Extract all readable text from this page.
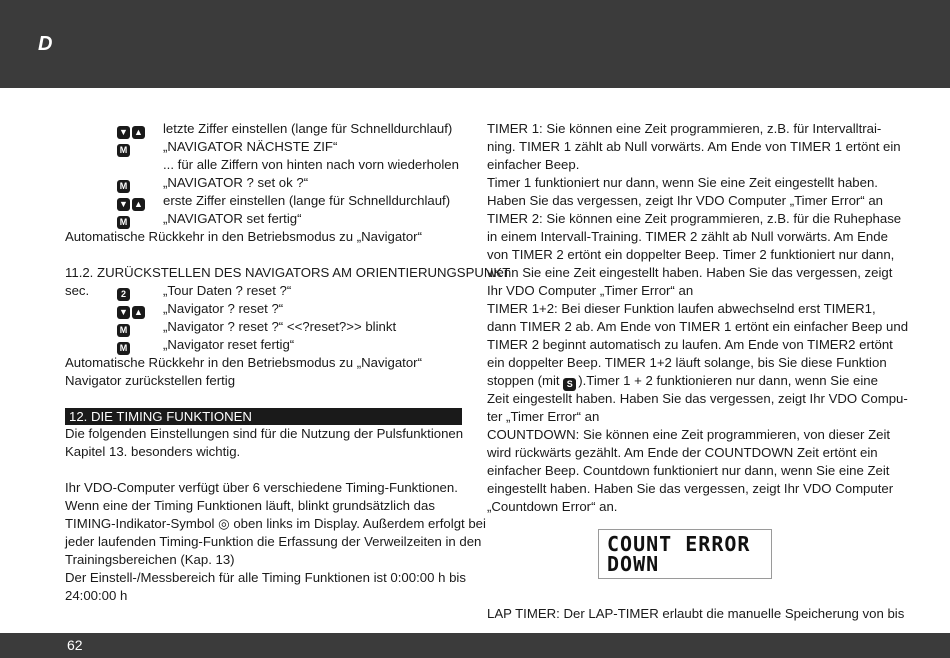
D
▼ ▲ letzte Ziffer einstellen (lange für Schnelldurchlauf)
M	„NAVIGATOR NÄCHSTE ZIF“
... für alle Ziffern von hinten nach vorn wiederholen
M	„NAVIGATOR ? set ok ?“
▼ ▲ erste Ziffer einstellen (lange für Schnelldurchlauf)
M	„NAVIGATOR set fertig“
Automatische Rückkehr in den Betriebsmodus zu „Navigator“
11.2. ZURÜCKSTELLEN DES NAVIGATORS AM ORIENTIERUNGSPUNKT
sec.	2	„Tour Daten ? reset ?“
▼ ▲ „Navigator ? reset ?“
M	„Navigator ? reset ?“ <<?reset?>> blinkt
M	„Navigator reset fertig“
Automatische Rückkehr in den Betriebsmodus zu „Navigator“
Navigator zurückstellen fertig
12. DIE TIMING FUNKTIONEN
Die folgenden Einstellungen sind für die Nutzung der Pulsfunktionen
Kapitel 13. besonders wichtig.
Ihr VDO-Computer verfügt über 6 verschiedene Timing-Funktionen.
Wenn eine der Timing Funktionen läuft, blinkt grundsätzlich das
TIMING-Indikator-Symbol ◎ oben links im Display. Außerdem erfolgt bei
jeder laufenden Timing-Funktion die Erfassung der Verweilzeiten in den
Trainingsbereichen (Kap. 13)
Der Einstell-/Messbereich für alle Timing Funktionen ist 0:00:00 h bis
24:00:00 h
TIMER 1: Sie können eine Zeit programmieren, z.B. für Intervalltrai-
ning. TIMER 1 zählt ab Null vorwärts. Am Ende von TIMER 1 ertönt ein
einfacher Beep.
Timer 1 funktioniert nur dann, wenn Sie eine Zeit eingestellt haben.
Haben Sie das vergessen, zeigt Ihr VDO Computer „Timer Error“ an
TIMER 2: Sie können eine Zeit programmieren, z.B. für die Ruhephase
in einem Intervall-Training. TIMER 2 zählt ab Null vorwärts. Am Ende
von TIMER 2 ertönt ein doppelter Beep. Timer 2 funktioniert nur dann,
wenn Sie eine Zeit eingestellt haben. Haben Sie das vergessen, zeigt
Ihr VDO Computer „Timer Error“ an
TIMER 1+2: Bei dieser Funktion laufen abwechselnd erst TIMER1,
dann TIMER 2 ab. Am Ende von TIMER 1 ertönt ein einfacher Beep und
TIMER 2 beginnt automatisch zu laufen. Am Ende von TIMER2 ertönt
ein doppelter Beep. TIMER 1+2 läuft solange, bis Sie diese Funktion
stoppen (mit S ).Timer 1 + 2 funktionieren nur dann, wenn Sie eine
Zeit eingestellt haben. Haben Sie das vergessen, zeigt Ihr VDO Compu-
ter „Timer Error“ an
COUNTDOWN: Sie können eine Zeit programmieren, von dieser Zeit
wird rückwärts gezählt. Am Ende der COUNTDOWN Zeit ertönt ein
einfacher Beep. Countdown funktioniert nur dann, wenn Sie eine Zeit
eingestellt haben. Haben Sie das vergessen, zeigt Ihr VDO Computer
„Countdown Error“ an.
COUNT ERROR
DOWN
LAP TIMER: Der LAP-TIMER erlaubt die manuelle Speicherung von bis
62
